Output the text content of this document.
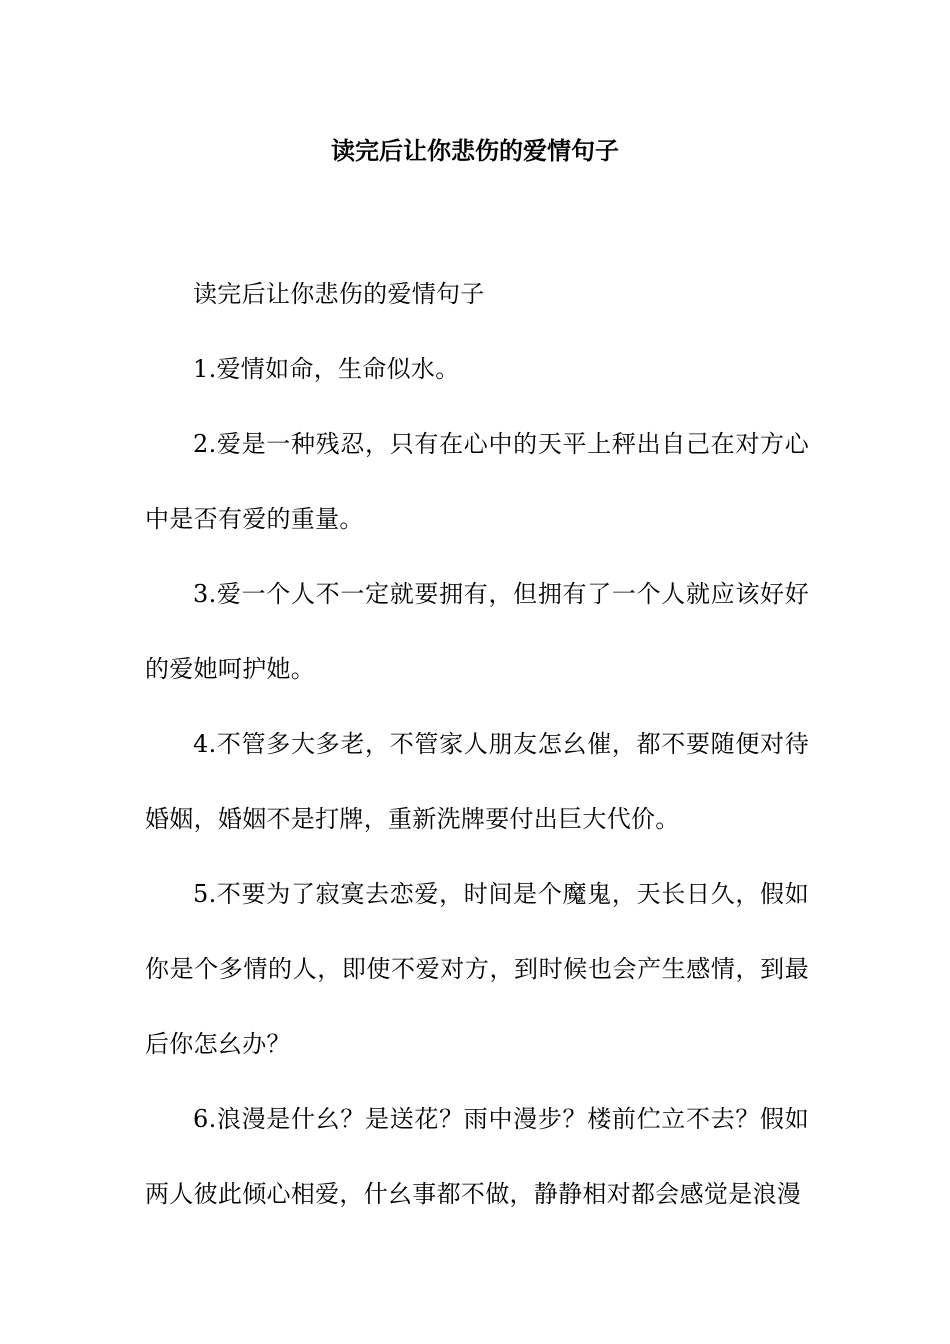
读完后让你悲伤的爱情句子

读完后让你悲伤的爱情句子

1.爱情如命，生命似水。

2.爱是一种残忍，只有在心中的天平上秤出自己在对方心中是否有爱的重量。

3.爱一个人不一定就要拥有，但拥有了一个人就应该好好的爱她呵护她。

4.不管多大多老，不管家人朋友怎幺催，都不要随便对待婚姻，婚姻不是打牌，重新洗牌要付出巨大代价。

5.不要为了寂寞去恋爱，时间是个魔鬼，天长日久，假如你是个多情的人，即使不爱对方，到时候也会产生感情，到最后你怎幺办？

6.浪漫是什幺？是送花？雨中漫步？楼前伫立不去？假如两人彼此倾心相爱，什幺事都不做，静静相对都会感觉是浪漫
